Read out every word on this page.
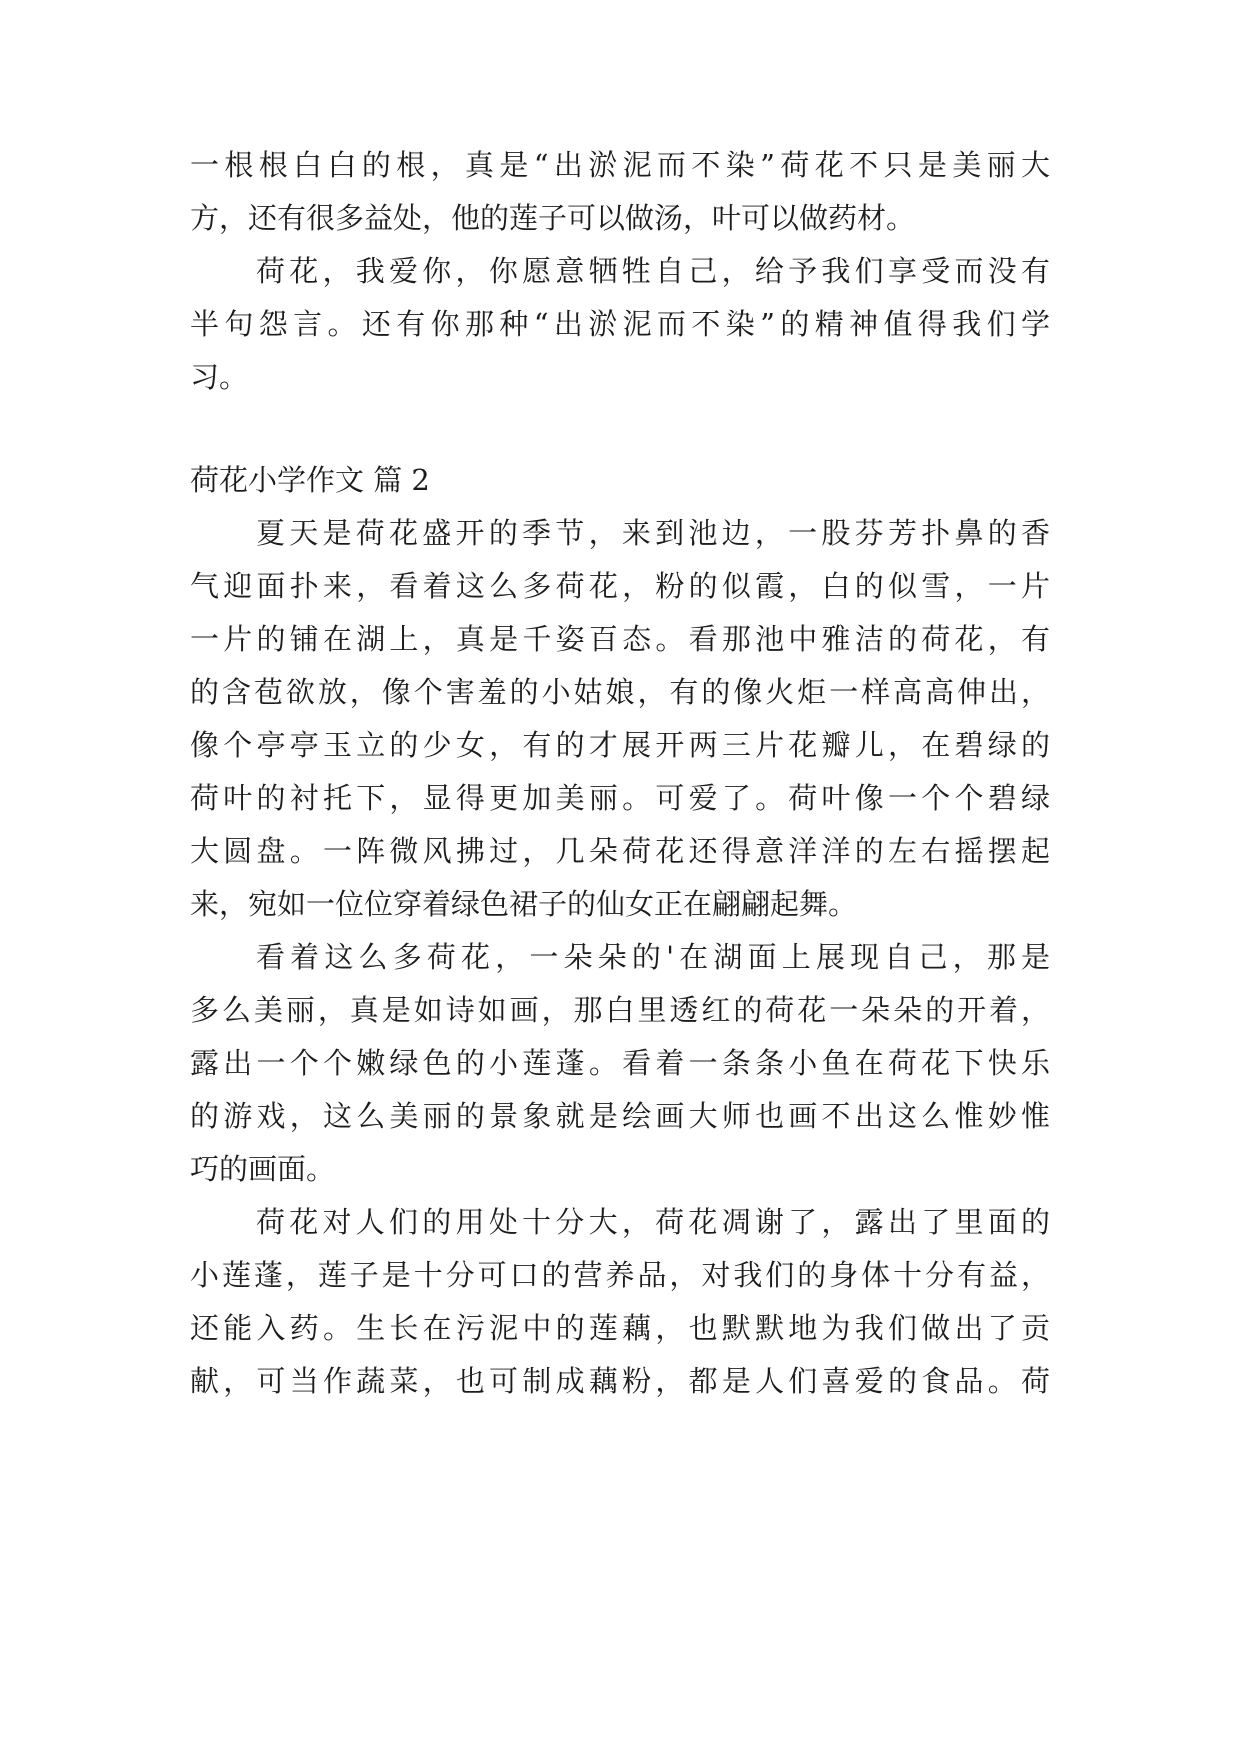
一根根白白的根，真是“出淤泥而不染”荷花不只是美丽大
方，还有很多益处，他的莲子可以做汤，叶可以做药材。
荷花，我爱你，你愿意牺牲自己，给予我们享受而没有
半句怨言。还有你那种“出淤泥而不染”的精神值得我们学
习。
荷花小学作文 篇 2
夏天是荷花盛开的季节，来到池边，一股芬芳扑鼻的香
气迎面扑来，看着这么多荷花，粉的似霞，白的似雪，一片
一片的铺在湖上，真是千姿百态。看那池中雅洁的荷花，有
的含苞欲放，像个害羞的小姑娘，有的像火炬一样高高伸出，
像个亭亭玉立的少女，有的才展开两三片花瓣儿，在碧绿的
荷叶的衬托下，显得更加美丽。可爱了。荷叶像一个个碧绿
大圆盘。一阵微风拂过，几朵荷花还得意洋洋的左右摇摆起
来，宛如一位位穿着绿色裙子的仙女正在翩翩起舞。
看着这么多荷花，一朵朵的'在湖面上展现自己，那是
多么美丽，真是如诗如画，那白里透红的荷花一朵朵的开着，
露出一个个嫩绿色的小莲蓬。看着一条条小鱼在荷花下快乐
的游戏，这么美丽的景象就是绘画大师也画不出这么惟妙惟
巧的画面。
荷花对人们的用处十分大，荷花凋谢了，露出了里面的
小莲蓬，莲子是十分可口的营养品，对我们的身体十分有益，
还能入药。生长在污泥中的莲藕，也默默地为我们做出了贡
献，可当作蔬菜，也可制成藕粉，都是人们喜爱的食品。荷
